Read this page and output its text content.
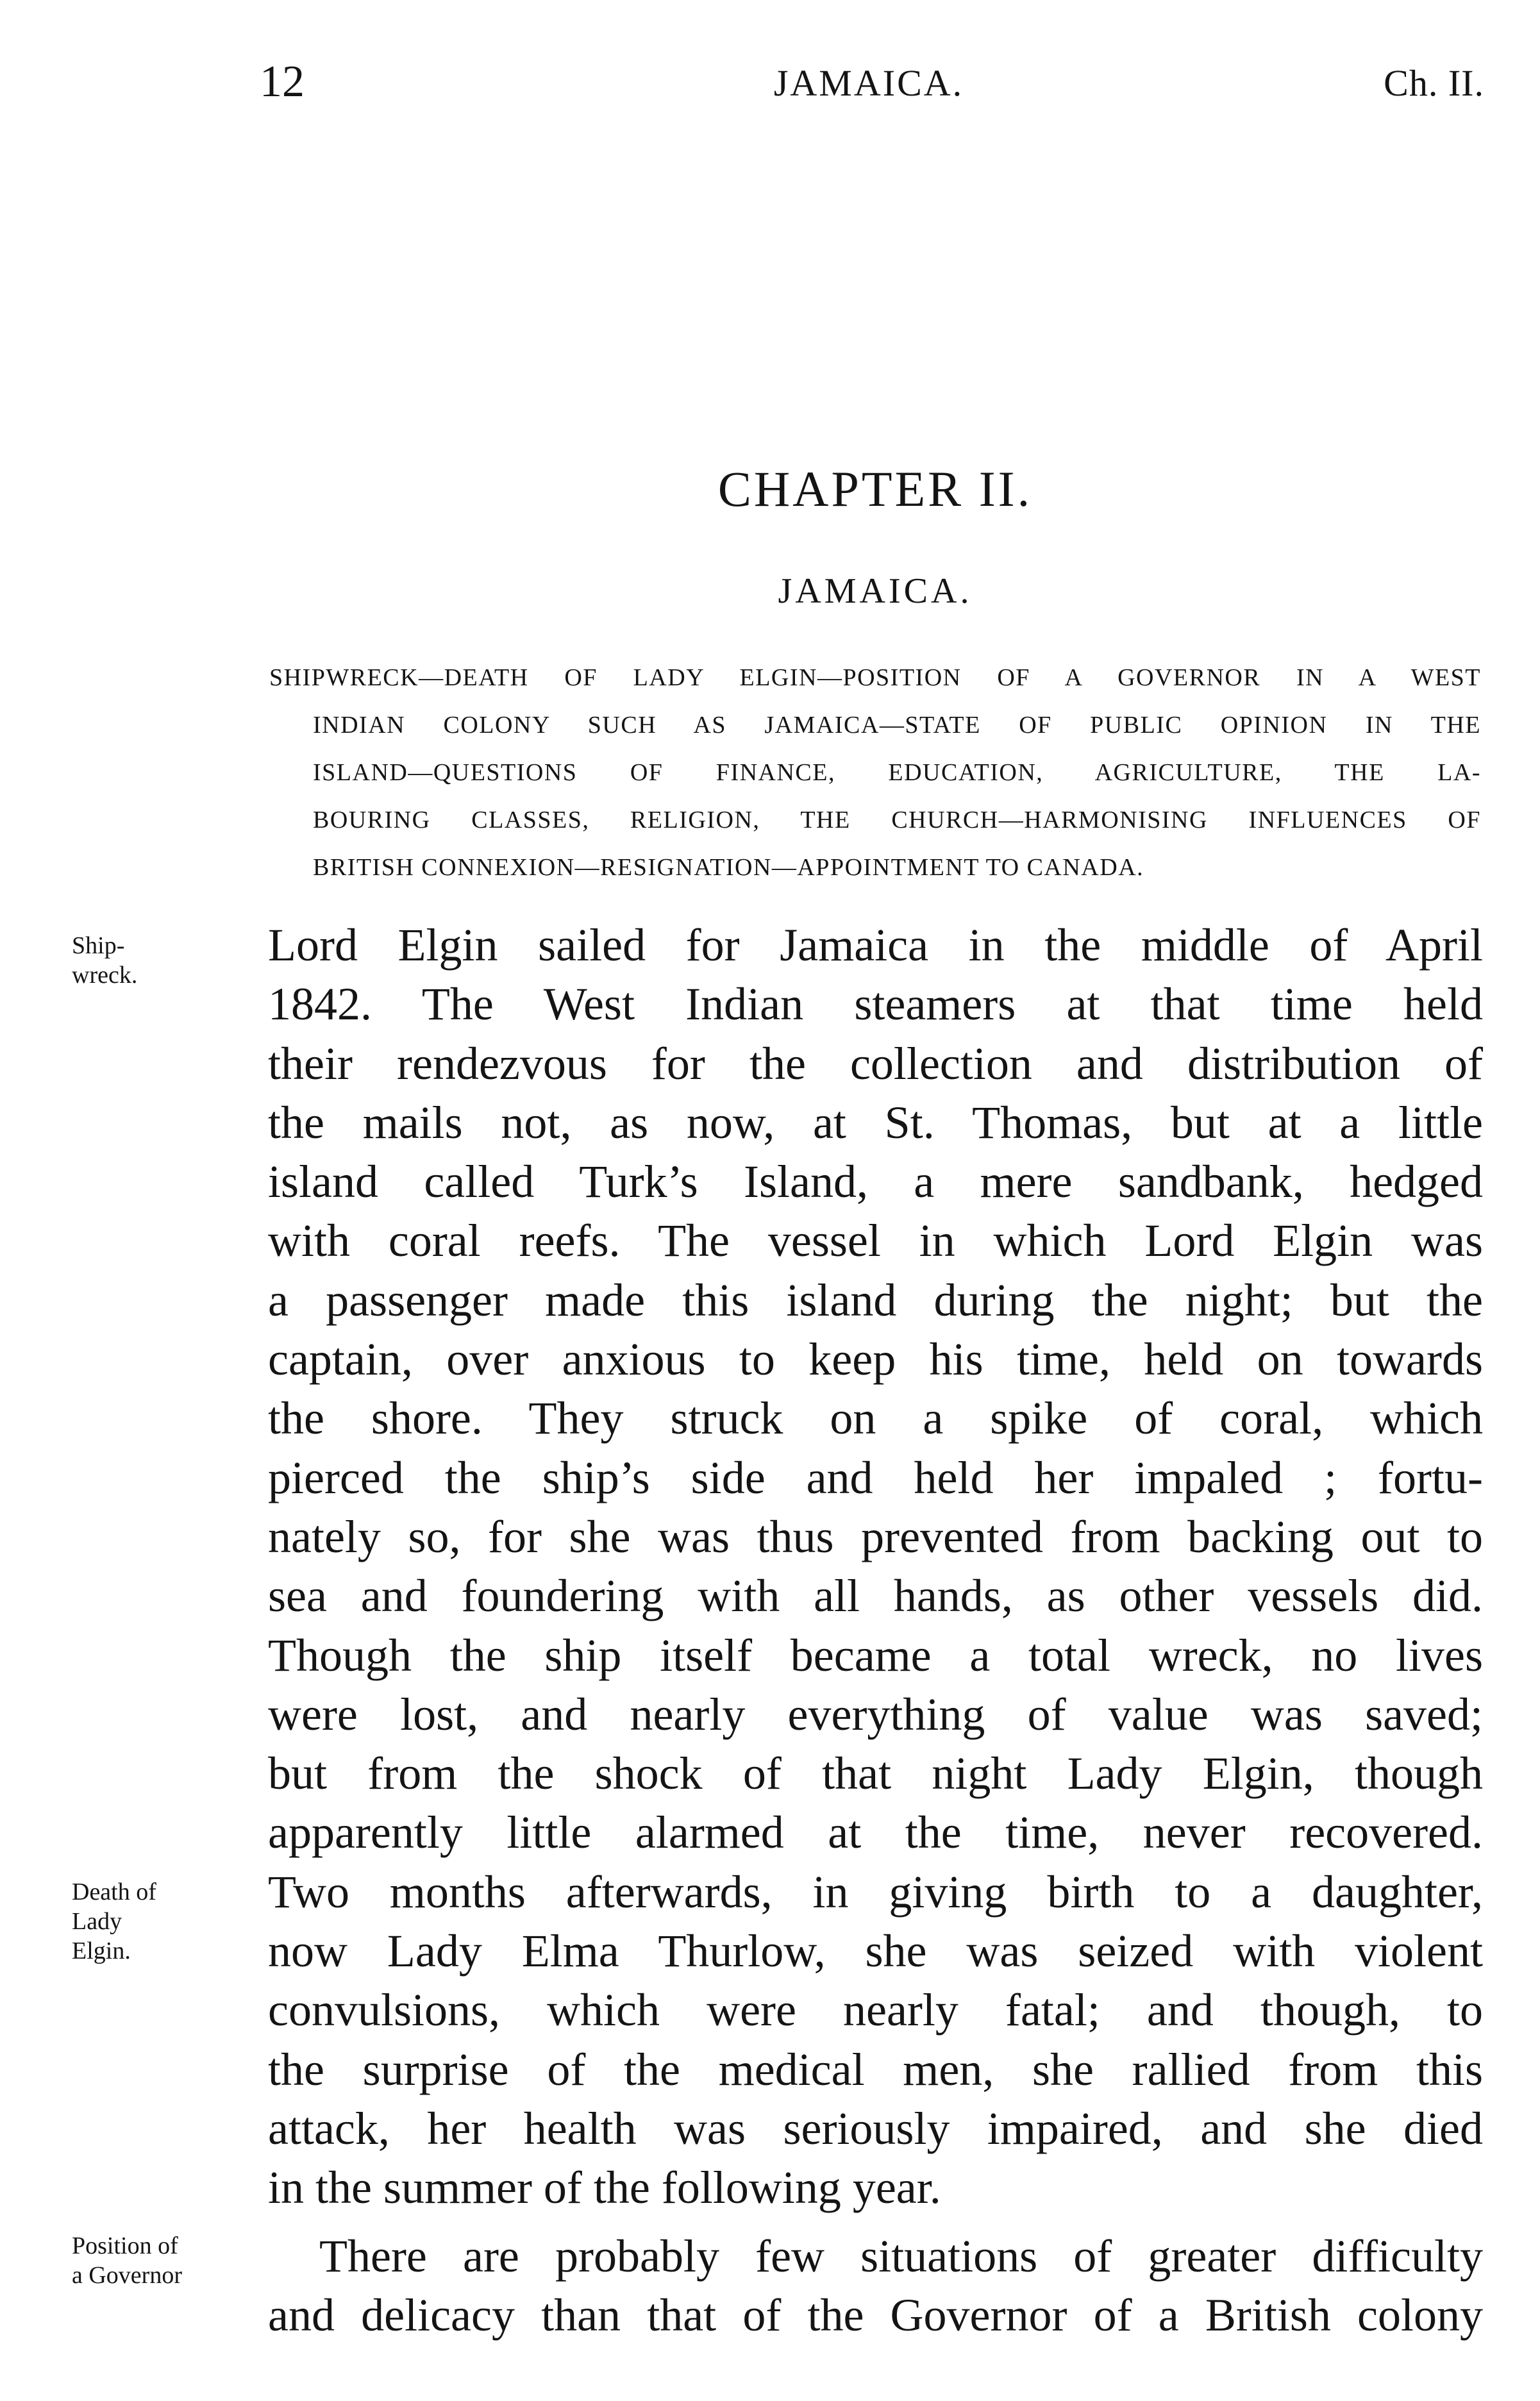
12	JAMAICA.	Ch. II.
CHAPTER II.
JAMAICA.
SHIPWRECK—DEATH OF LADY ELGIN—POSITION OF A GOVERNOR IN A WEST
INDIAN COLONY SUCH AS JAMAICA—STATE OF PUBLIC OPINION IN THE
ISLAND—QUESTIONS OF FINANCE, EDUCATION, AGRICULTURE, THE LA-
BOURING CLASSES, RELIGION, THE CHURCH—HARMONISING INFLUENCES OF
BRITISH CONNEXION—RESIGNATION—APPOINTMENT TO CANADA.
Ship-
wreck.
Death of
Lady
Elgin.
Position of
a Governor
Lord Elgin sailed for Jamaica in the middle of April
1842. The West Indian steamers at that time held
their rendezvous for the collection and distribution of
the mails not, as now, at St. Thomas, but at a little
island called Turk’s Island, a mere sandbank, hedged
with coral reefs. The vessel in which Lord Elgin was
a passenger made this island during the night; but the
captain, over anxious to keep his time, held on towards
the shore. They struck on a spike of coral, which
pierced the ship’s side and held her impaled ; fortu-
nately so, for she was thus prevented from backing out to
sea and foundering with all hands, as other vessels did.
Though the ship itself became a total wreck, no lives
were lost, and nearly everything of value was saved;
but from the shock of that night Lady Elgin, though
apparently little alarmed at the time, never recovered.
Two months afterwards, in giving birth to a daughter,
now Lady Elma Thurlow, she was seized with violent
convulsions, which were nearly fatal; and though, to
the surprise of the medical men, she rallied from this
attack, her health was seriously impaired, and she died
in the summer of the following year.
There are probably few situations of greater difficulty
and delicacy than that of the Governor of a British colony
